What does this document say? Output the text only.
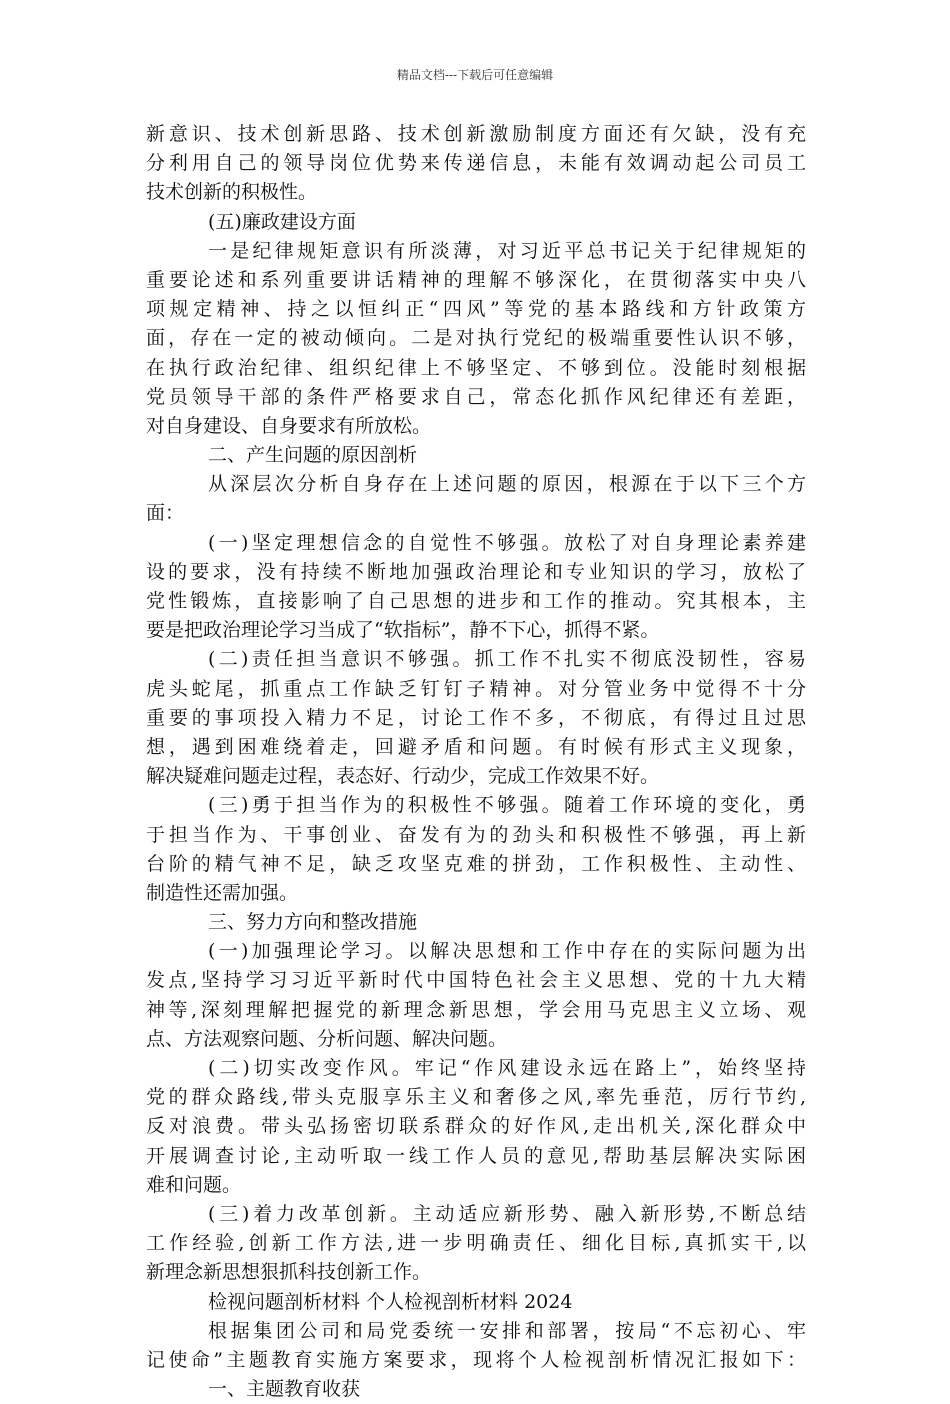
精品文档---下载后可任意编辑
新意识、技术创新思路、技术创新激励制度方面还有欠缺，没有充
分利用自己的领导岗位优势来传递信息，未能有效调动起公司员工
技术创新的积极性。
(五)廉政建设方面
一是纪律规矩意识有所淡薄，对习近平总书记关于纪律规矩的
重要论述和系列重要讲话精神的理解不够深化，在贯彻落实中央八
项规定精神、持之以恒纠正“四风”等党的基本路线和方针政策方
面，存在一定的被动倾向。二是对执行党纪的极端重要性认识不够，
在执行政治纪律、组织纪律上不够坚定、不够到位。没能时刻根据
党员领导干部的条件严格要求自己，常态化抓作风纪律还有差距，
对自身建设、自身要求有所放松。
二、产生问题的原因剖析
从深层次分析自身存在上述问题的原因，根源在于以下三个方
面：
(一)坚定理想信念的自觉性不够强。放松了对自身理论素养建
设的要求，没有持续不断地加强政治理论和专业知识的学习，放松了
党性锻炼，直接影响了自己思想的进步和工作的推动。究其根本，主
要是把政治理论学习当成了“软指标”，静不下心，抓得不紧。
(二)责任担当意识不够强。抓工作不扎实不彻底没韧性，容易
虎头蛇尾，抓重点工作缺乏钉钉子精神。对分管业务中觉得不十分
重要的事项投入精力不足，讨论工作不多，不彻底，有得过且过思
想，遇到困难绕着走，回避矛盾和问题。有时候有形式主义现象，
解决疑难问题走过程，表态好、行动少，完成工作效果不好。
(三)勇于担当作为的积极性不够强。随着工作环境的变化，勇
于担当作为、干事创业、奋发有为的劲头和积极性不够强，再上新
台阶的精气神不足，缺乏攻坚克难的拼劲，工作积极性、主动性、
制造性还需加强。
三、努力方向和整改措施
(一)加强理论学习。以解决思想和工作中存在的实际问题为出
发点,坚持学习习近平新时代中国特色社会主义思想、党的十九大精
神等,深刻理解把握党的新理念新思想，学会用马克思主义立场、观
点、方法观察问题、分析问题、解决问题。
(二)切实改变作风。牢记“作风建设永远在路上”，始终坚持
党的群众路线,带头克服享乐主义和奢侈之风,率先垂范，厉行节约,
反对浪费。带头弘扬密切联系群众的好作风,走出机关,深化群众中
开展调查讨论,主动听取一线工作人员的意见,帮助基层解决实际困
难和问题。
(三)着力改革创新。主动适应新形势、融入新形势,不断总结
工作经验,创新工作方法,进一步明确责任、细化目标,真抓实干,以
新理念新思想狠抓科技创新工作。
检视问题剖析材料 个人检视剖析材料 2024
根据集团公司和局党委统一安排和部署，按局“不忘初心、牢
记使命”主题教育实施方案要求，现将个人检视剖析情况汇报如下：
一、主题教育收获
